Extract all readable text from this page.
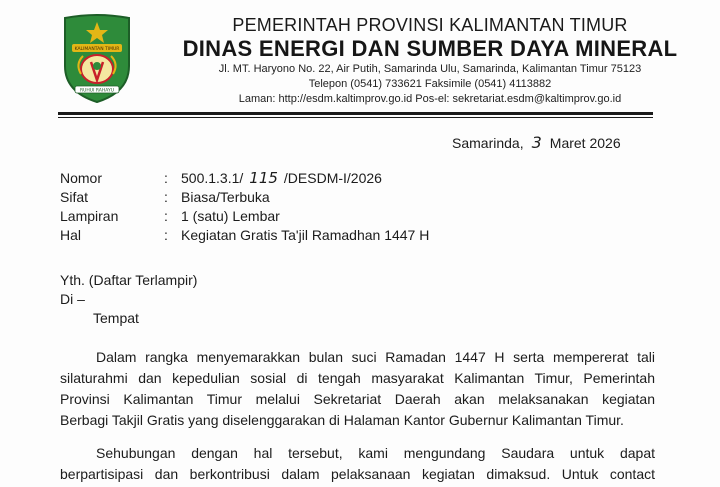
KALIMANTAN TIMUR
RUHUI RAHAYU
PEMERINTAH PROVINSI KALIMANTAN TIMUR
DINAS ENERGI DAN SUMBER DAYA MINERAL
Jl. MT. Haryono No. 22, Air Putih, Samarinda Ulu, Samarinda, Kalimantan Timur 75123
Telepon (0541) 733621 Faksimile (0541) 4113882
Laman: http://esdm.kaltimprov.go.id Pos-el: sekretariat.esdm@kaltimprov.go.id
Samarinda, 3 Maret 2026
Nomor	: 500.1.3.1/ 115 /DESDM-I/2026
Sifat	: Biasa/Terbuka
Lampiran	: 1 (satu) Lembar
Hal	: Kegiatan Gratis Ta'jil Ramadhan 1447 H
Yth. (Daftar Terlampir)
Di –
Tempat
Dalam rangka menyemarakkan bulan suci Ramadan 1447 H serta mempererat tali
silaturahmi dan kepedulian sosial di tengah masyarakat Kalimantan Timur, Pemerintah
Provinsi Kalimantan Timur melalui Sekretariat Daerah akan melaksanakan kegiatan
Berbagi Takjil Gratis yang diselenggarakan di Halaman Kantor Gubernur Kalimantan Timur.
Sehubungan dengan hal tersebut, kami mengundang Saudara untuk dapat
berpartisipasi dan berkontribusi dalam pelaksanaan kegiatan dimaksud. Untuk contact
